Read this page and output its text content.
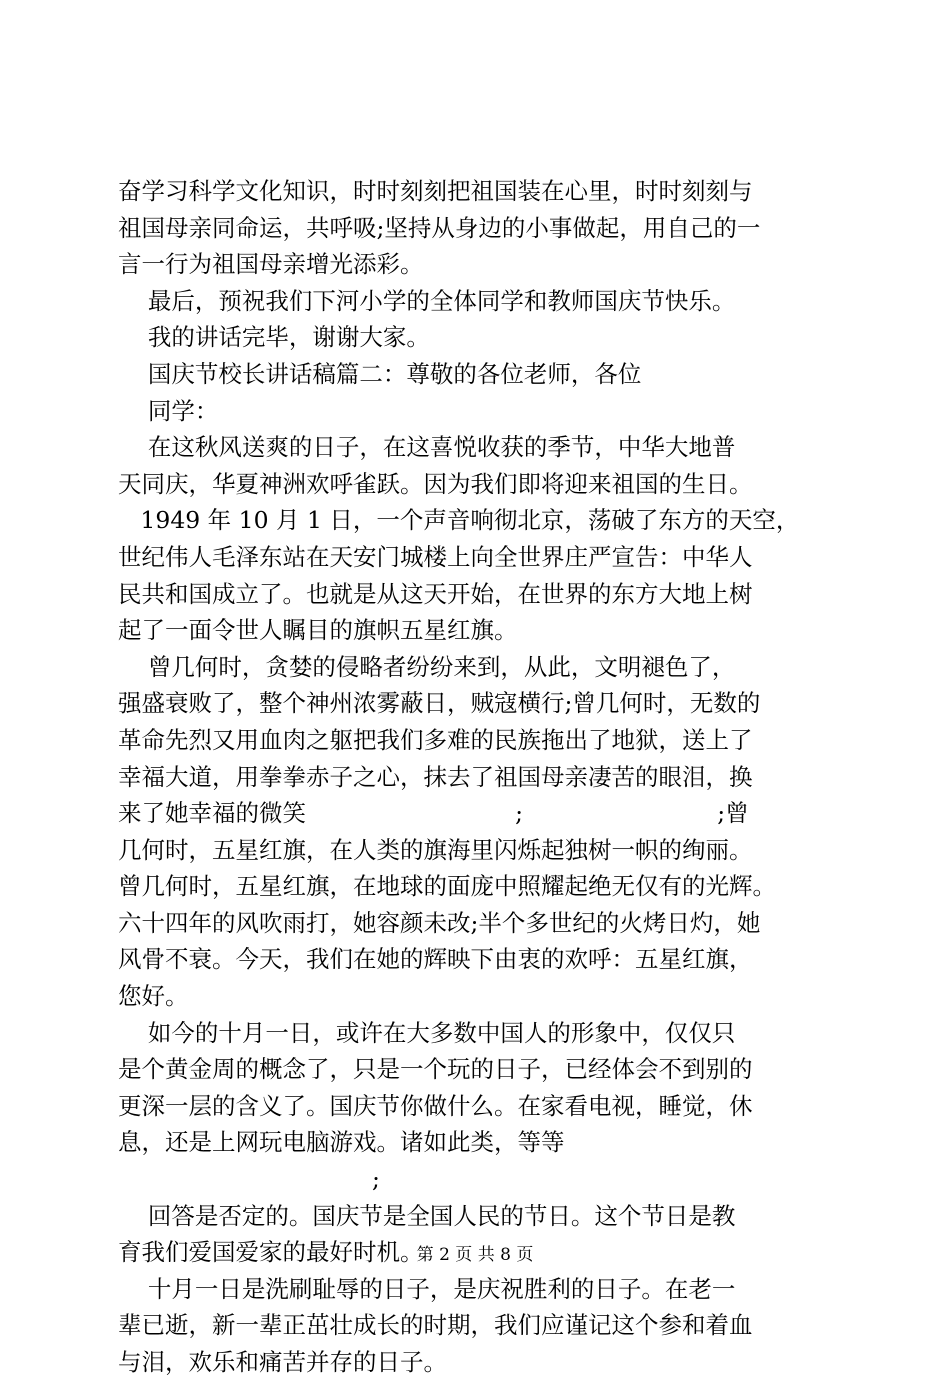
奋学习科学文化知识，时时刻刻把祖国装在心里，时时刻刻与
祖国母亲同命运，共呼吸;坚持从身边的小事做起，用自己的一
言一行为祖国母亲增光添彩。
最后，预祝我们下河小学的全体同学和教师国庆节快乐。
我的讲话完毕，谢谢大家。
国庆节校长讲话稿篇二：尊敬的各位老师，各位
同学：
在这秋风送爽的日子，在这喜悦收获的季节，中华大地普
天同庆，华夏神洲欢呼雀跃。因为我们即将迎来祖国的生日。
1949 年 10 月 1 日，一个声音响彻北京，荡破了东方的天空，
世纪伟人毛泽东站在天安门城楼上向全世界庄严宣告：中华人
民共和国成立了。也就是从这天开始，在世界的东方大地上树
起了一面令世人瞩目的旗帜五星红旗。
曾几何时，贪婪的侵略者纷纷来到，从此，文明褪色了，
强盛衰败了，整个神州浓雾蔽日，贼寇横行;曾几何时，无数的
革命先烈又用血肉之躯把我们多难的民族拖出了地狱，送上了
幸福大道，用拳拳赤子之心，抹去了祖国母亲凄苦的眼泪，换
来了她幸福的微笑                            ;                          ;曾
几何时，五星红旗，在人类的旗海里闪烁起独树一帜的绚丽。
曾几何时，五星红旗，在地球的面庞中照耀起绝无仅有的光辉。
六十四年的风吹雨打，她容颜未改;半个多世纪的火烤日灼，她
风骨不衰。今天，我们在她的辉映下由衷的欢呼：五星红旗，
您好。
如今的十月一日，或许在大多数中国人的形象中，仅仅只
是个黄金周的概念了，只是一个玩的日子，已经体会不到别的
更深一层的含义了。国庆节你做什么。在家看电视，睡觉，休
息，还是上网玩电脑游戏。诸如此类，等等
;
回答是否定的。国庆节是全国人民的节日。这个节日是教
育我们爱国爱家的最好时机。
十月一日是洗刷耻辱的日子，是庆祝胜利的日子。在老一
辈已逝，新一辈正茁壮成长的时期，我们应谨记这个参和着血
与泪，欢乐和痛苦并存的日子。
第 2 页 共 8 页
